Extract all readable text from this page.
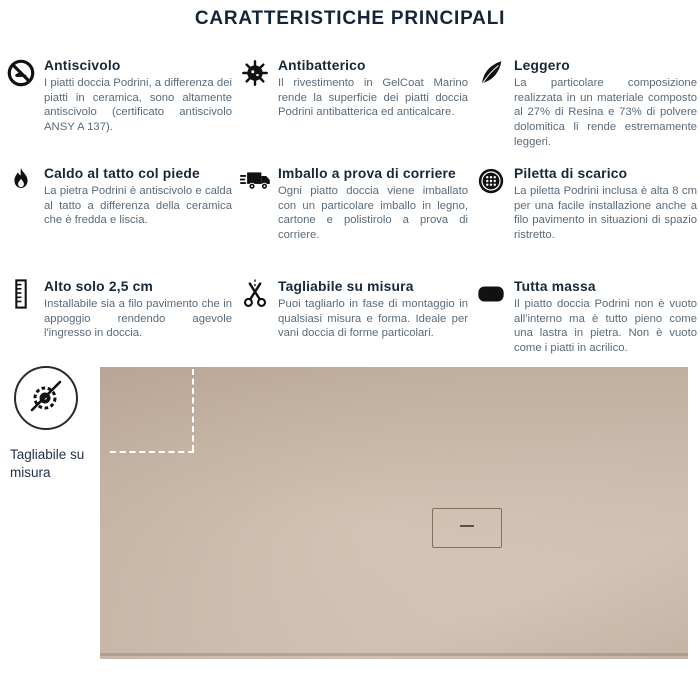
CARATTERISTICHE PRINCIPALI
Antiscivolo

I piatti doccia Podrini, a differenza dei piatti in ceramica, sono altamente antiscivolo (certificato antiscivolo ANSY A 137).

Antibatterico

Il rivestimento in GelCoat Marino rende la superficie dei piatti doccia Podrini antibatterica ed anticalcare.

Leggero

La particolare composizione realizzata in un materiale composto al 27% di Resina e 73% di polvere dolomitica li rende estremamente leggeri.

Caldo al tatto col piede

La pietra Podrini è antiscivolo e calda al tatto a differenza della ceramica che è fredda e liscia.

Imballo a prova di corriere

Ogni piatto doccia viene imballato con un particolare imballo in legno, cartone e polistirolo a prova di corriere.

Piletta di scarico

La piletta Podrini inclusa è alta 8 cm per una facile installazione anche a filo pavimento in situazioni di spazio ristretto.

Alto solo 2,5 cm

Installabile sia a filo pavimento che in appoggio rendendo agevole l'ingresso in doccia.

Tagliabile su misura

Puoi tagliarlo in fase di montaggio in qualsiasi misura e forma. Ideale per vani doccia di forme particolari.

Tutta massa

Il piatto doccia Podrini non è vuoto all'interno ma è tutto pieno come una lastra in pietra. Non è vuoto come i piatti in acrilico.

Tagliabile su misura
